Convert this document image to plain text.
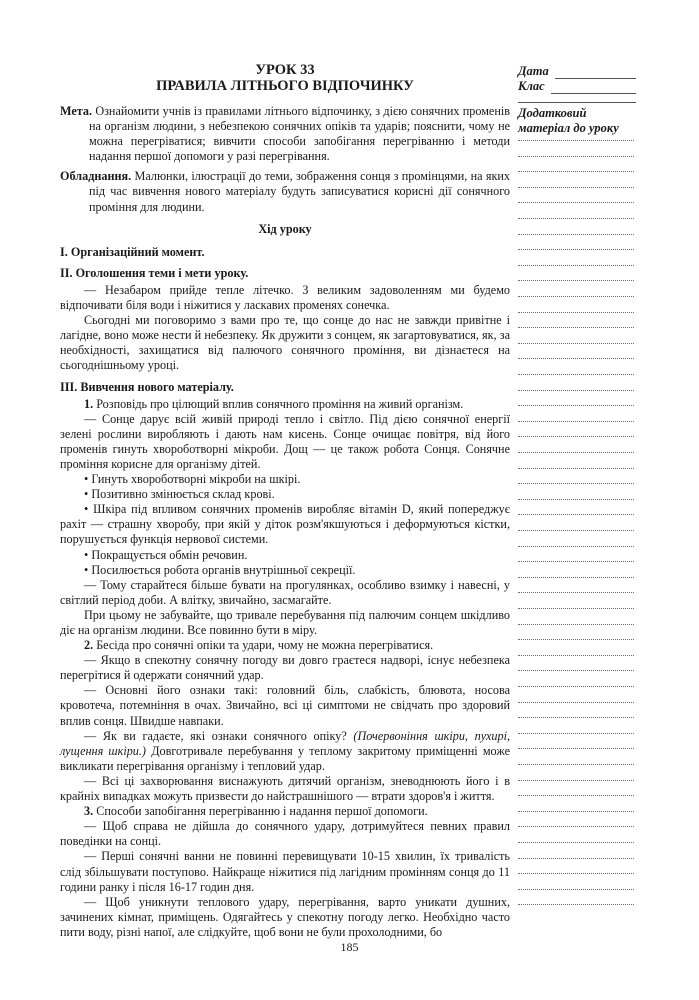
УРОК 33

ПРАВИЛА ЛІТНЬОГО ВІДПОЧИНКУ

Мета. Ознайомити учнів із правилами літнього відпочинку, з дією сонячних променів на організм людини, з небезпекою сонячних опіків та ударів; пояснити, чому не можна перегріватися; вивчити способи запобігання перегріванню і методи надання першої допомоги у разі перегрівання.

Обладнання. Малюнки, ілюстрації до теми, зображення сонця з промінцями, на яких під час вивчення нового матеріалу будуть записуватися корисні дії сонячного проміння для людини.

Хід уроку

I. Організаційний момент.

II. Оголошення теми і мети уроку.

— Незабаром прийде тепле літечко. З великим задоволенням ми будемо відпочивати біля води і ніжитися у ласкавих променях сонечка.

Сьогодні ми поговоримо з вами про те, що сонце до нас не завжди привітне і лагідне, воно може нести й небезпеку. Як дружити з сонцем, як загартовуватися, як, за необхідності, захищатися від палючого сонячного проміння, ви дізнаєтеся на сьогоднішньому уроці.

III. Вивчення нового матеріалу.

1. Розповідь про цілющий вплив сонячного проміння на живий організм.

— Сонце дарує всій живій природі тепло і світло. Під дією сонячної енергії зелені рослини виробляють і дають нам кисень. Сонце очищає повітря, від його променів гинуть хвороботворні мікроби. Дощ — це також робота Сонця. Сонячне проміння корисне для організму дітей.

• Гинуть хвороботворні мікроби на шкірі.

• Позитивно змінюється склад крові.

• Шкіра під впливом сонячних променів виробляє вітамін D, який попереджує рахіт — страшну хворобу, при якій у діток розм'якшуються і деформуються кістки, порушується функція нервової системи.

• Покращується обмін речовин.

• Посилюється робота органів внутрішньої секреції.

— Тому старайтеся більше бувати на прогулянках, особливо взимку і навесні, у світлий період доби. А влітку, звичайно, засмагайте.

При цьому не забувайте, що тривале перебування під палючим сонцем шкідливо діє на організм людини. Все повинно бути в міру.

2. Бесіда про сонячні опіки та удари, чому не можна перегріватися.

— Якщо в спекотну сонячну погоду ви довго граєтеся надворі, існує небезпека перегрітися й одержати сонячний удар.

— Основні його ознаки такі: головний біль, слабкість, блювота, носова кровотеча, потемніння в очах. Звичайно, всі ці симптоми не свідчать про здоровий вплив сонця. Швидше навпаки.

— Як ви гадаєте, які ознаки сонячного опіку? (Почервоніння шкіри, пухирі, лущення шкіри.) Довготривале перебування у теплому закритому приміщенні може викликати перегрівання організму і тепловий удар.

— Всі ці захворювання виснажують дитячий організм, зневоднюють його і в крайніх випадках можуть призвести до найстрашнішого — втрати здоров'я і життя.

3. Способи запобігання перегріванню і надання першої допомоги.

— Щоб справа не дійшла до сонячного удару, дотримуйтеся певних правил поведінки на сонці.

— Перші сонячні ванни не повинні перевищувати 10-15 хвилин, їх тривалість слід збільшувати поступово. Найкраще ніжитися під лагідним промінням сонця до 11 години ранку і після 16-17 годин дня.

— Щоб уникнути теплового удару, перегрівання, варто уникати душних, зачинених кімнат, приміщень. Одягайтесь у спекотну погоду легко. Необхідно часто пити воду, різні напої, але слідкуйте, щоб вони не були прохолодними, бо

Дата
Клас
Додатковий матеріал до уроку
185
